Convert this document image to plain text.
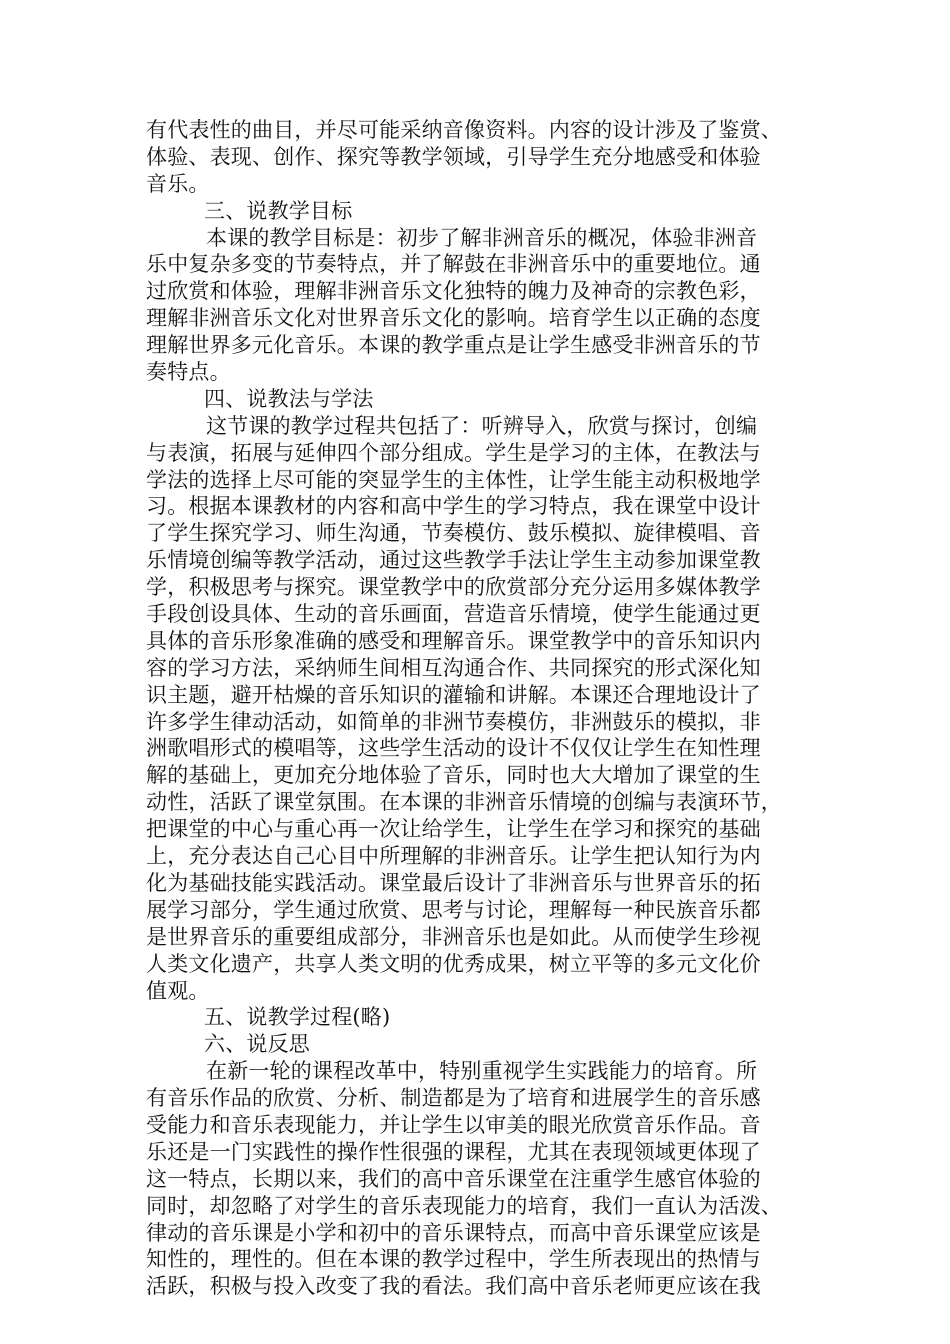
有代表性的曲目，并尽可能采纳音像资料。内容的设计涉及了鉴赏、
体验、表现、创作、探究等教学领域，引导学生充分地感受和体验
音乐。
三、说教学目标
本课的教学目标是：初步了解非洲音乐的概况，体验非洲音
乐中复杂多变的节奏特点，并了解鼓在非洲音乐中的重要地位。通
过欣赏和体验，理解非洲音乐文化独特的魄力及神奇的宗教色彩，
理解非洲音乐文化对世界音乐文化的影响。培育学生以正确的态度
理解世界多元化音乐。本课的教学重点是让学生感受非洲音乐的节
奏特点。
四、说教法与学法
这节课的教学过程共包括了：听辨导入，欣赏与探讨，创编
与表演，拓展与延伸四个部分组成。学生是学习的主体，在教法与
学法的选择上尽可能的突显学生的主体性，让学生能主动积极地学
习。根据本课教材的内容和高中学生的学习特点，我在课堂中设计
了学生探究学习、师生沟通，节奏模仿、鼓乐模拟、旋律模唱、音
乐情境创编等教学活动，通过这些教学手法让学生主动参加课堂教
学，积极思考与探究。课堂教学中的欣赏部分充分运用多媒体教学
手段创设具体、生动的音乐画面，营造音乐情境，使学生能通过更
具体的音乐形象准确的感受和理解音乐。课堂教学中的音乐知识内
容的学习方法，采纳师生间相互沟通合作、共同探究的形式深化知
识主题，避开枯燥的音乐知识的灌输和讲解。本课还合理地设计了
许多学生律动活动，如简单的非洲节奏模仿，非洲鼓乐的模拟，非
洲歌唱形式的模唱等，这些学生活动的设计不仅仅让学生在知性理
解的基础上，更加充分地体验了音乐，同时也大大增加了课堂的生
动性，活跃了课堂氛围。在本课的非洲音乐情境的创编与表演环节，
把课堂的中心与重心再一次让给学生，让学生在学习和探究的基础
上，充分表达自己心目中所理解的非洲音乐。让学生把认知行为内
化为基础技能实践活动。课堂最后设计了非洲音乐与世界音乐的拓
展学习部分，学生通过欣赏、思考与讨论，理解每一种民族音乐都
是世界音乐的重要组成部分，非洲音乐也是如此。从而使学生珍视
人类文化遗产，共享人类文明的优秀成果，树立平等的多元文化价
值观。
五、说教学过程(略)
六、说反思
在新一轮的课程改革中，特别重视学生实践能力的培育。所
有音乐作品的欣赏、分析、制造都是为了培育和进展学生的音乐感
受能力和音乐表现能力，并让学生以审美的眼光欣赏音乐作品。音
乐还是一门实践性的操作性很强的课程，尤其在表现领域更体现了
这一特点，长期以来，我们的高中音乐课堂在注重学生感官体验的
同时，却忽略了对学生的音乐表现能力的培育，我们一直认为活泼、
律动的音乐课是小学和初中的音乐课特点，而高中音乐课堂应该是
知性的，理性的。但在本课的教学过程中，学生所表现出的热情与
活跃，积极与投入改变了我的看法。我们高中音乐老师更应该在我
